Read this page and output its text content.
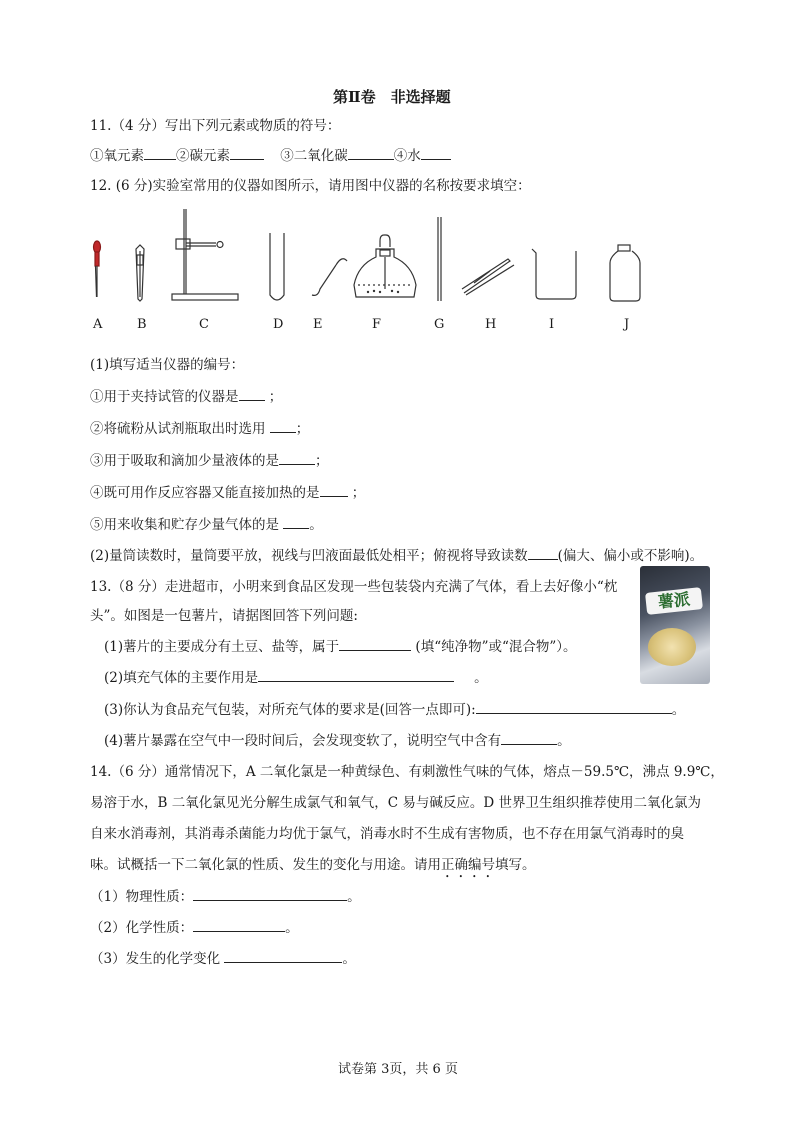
第Ⅱ卷　非选择题
11.（4 分）写出下列元素或物质的符号：
①氧元素 ②碳元素	③二氧化碳	④水
12. (6 分)实验室常用的仪器如图所示，请用图中仪器的名称按要求填空：
A	B	C	D E	F	G	H	I	J
(1)填写适当仪器的编号：
①用于夹持试管的仪器是 ；
②将硫粉从试剂瓶取出时选用 ；
③用于吸取和滴加少量液体的是	；
④既可用作反应容器又能直接加热的是 ；
⑤用来收集和贮存少量气体的是 。
(2)量筒读数时，量筒要平放，视线与凹液面最低处相平；俯视将导致读数 (偏大、偏小或不影响)。
13.（8 分）走进超市，小明来到食品区发现一些包装袋内充满了气体，看上去好像小“枕
头”。如图是一包薯片，请据图回答下列问题:
薯派
(1)薯片的主要成分有土豆、盐等，属于	(填“纯净物”或“混合物”）。
(2)填充气体的主要作用是	。
(3)你认为食品充气包装，对所充气体的要求是(回答一点即可):	。
(4)薯片暴露在空气中一段时间后，会发现变软了，说明空气中含有	。
14.（6 分）通常情况下，A 二氧化氯是一种黄绿色、有刺激性气味的气体，熔点－59.5℃，沸点 9.9℃，
易溶于水，B 二氧化氯见光分解生成氯气和氧气，C 易与碱反应。D 世界卫生组织推荐使用二氧化氯为
自来水消毒剂，其消毒杀菌能力均优于氯气，消毒水时不生成有害物质，也不存在用氯气消毒时的臭
味。试概括一下二氧化氯的性质、发生的变化与用途。请用正确编号填写。
（1）物理性质：	。
（2）化学性质：	。
（3）发生的化学变化	。
试卷第 3页，共 6 页
